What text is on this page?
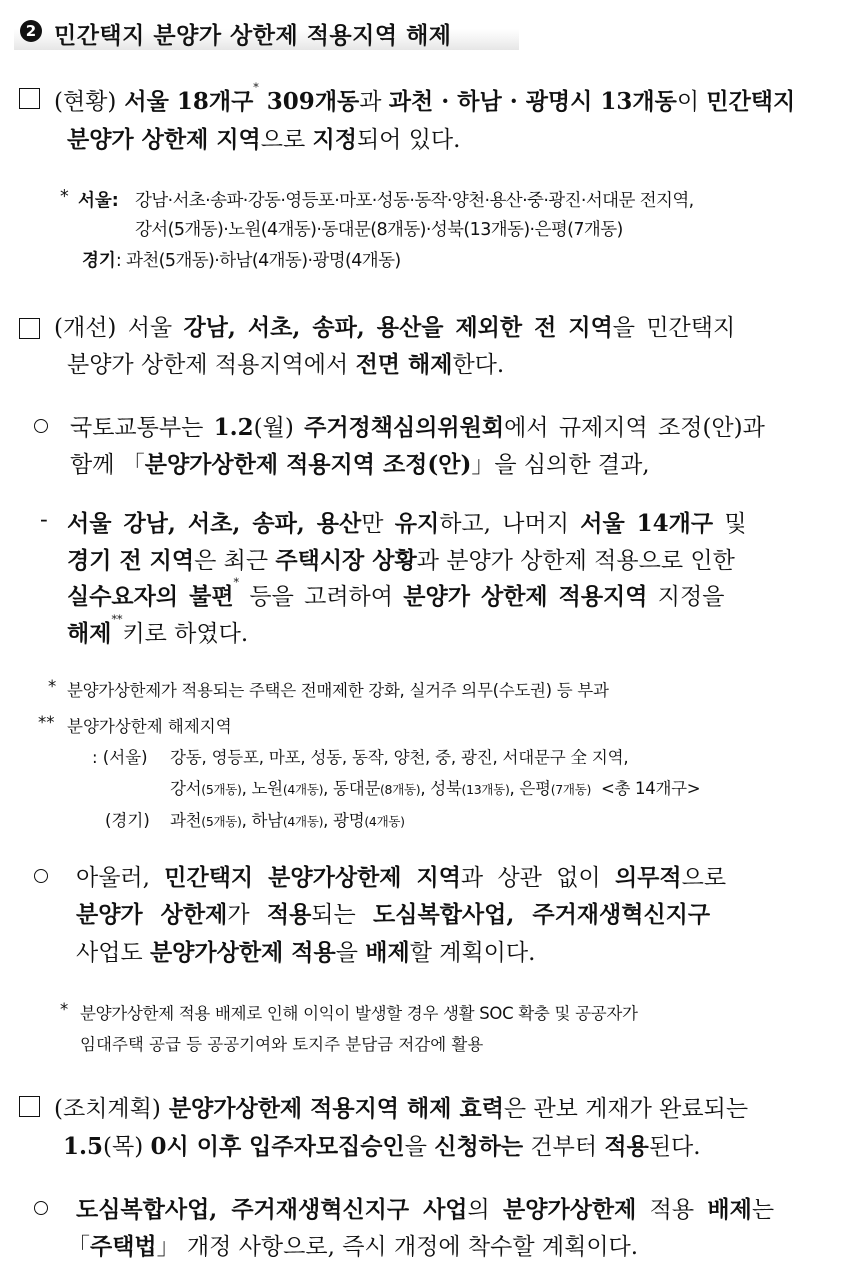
2 민간택지 분양가 상한제 적용지역 해제
(현황) 서울 18개구* 309개동과 과천 · 하남 · 광명시 13개동이 민간택지
분양가 상한제 지역으로 지정되어 있다.
* 서울: 강남·서초·송파·강동·영등포·마포·성동·동작·양천·용산·중·광진·서대문 전지역,
강서(5개동)·노원(4개동)·동대문(8개동)·성북(13개동)·은평(7개동)
경기: 과천(5개동)·하남(4개동)·광명(4개동)
(개선) 서울 강남, 서초, 송파, 용산을 제외한 전 지역을 민간택지
분양가 상한제 적용지역에서 전면 해제한다.
국토교통부는 1.2(월) 주거정책심의위원회에서 규제지역 조정(안)과
함께 「분양가상한제 적용지역 조정(안)」을 심의한 결과,
- 서울 강남, 서초, 송파, 용산만 유지하고, 나머지 서울 14개구 및
경기 전 지역은 최근 주택시장 상황과 분양가 상한제 적용으로 인한
실수요자의 불편* 등을 고려하여 분양가 상한제 적용지역 지정을
해제**키로 하였다.
* 분양가상한제가 적용되는 주택은 전매제한 강화, 실거주 의무(수도권) 등 부과
** 분양가상한제 해제지역
: (서울) 강동, 영등포, 마포, 성동, 동작, 양천, 중, 광진, 서대문구 全 지역,
강서(5개동), 노원(4개동), 동대문(8개동), 성북(13개동), 은평(7개동)  <총 14개구>
(경기) 과천(5개동), 하남(4개동), 광명(4개동)
아울러, 민간택지 분양가상한제 지역과 상관 없이 의무적으로
분양가 상한제가 적용되는 도심복합사업, 주거재생혁신지구
사업도 분양가상한제 적용을 배제할 계획이다.
* 분양가상한제 적용 배제로 인해 이익이 발생할 경우 생활 SOC 확충 및 공공자가
임대주택 공급 등 공공기여와 토지주 분담금 저감에 활용
(조치계획) 분양가상한제 적용지역 해제 효력은 관보 게재가 완료되는
1.5(목) 0시 이후 입주자모집승인을 신청하는 건부터 적용된다.
도심복합사업, 주거재생혁신지구 사업의 분양가상한제 적용 배제는
「주택법」 개정 사항으로, 즉시 개정에 착수할 계획이다.
